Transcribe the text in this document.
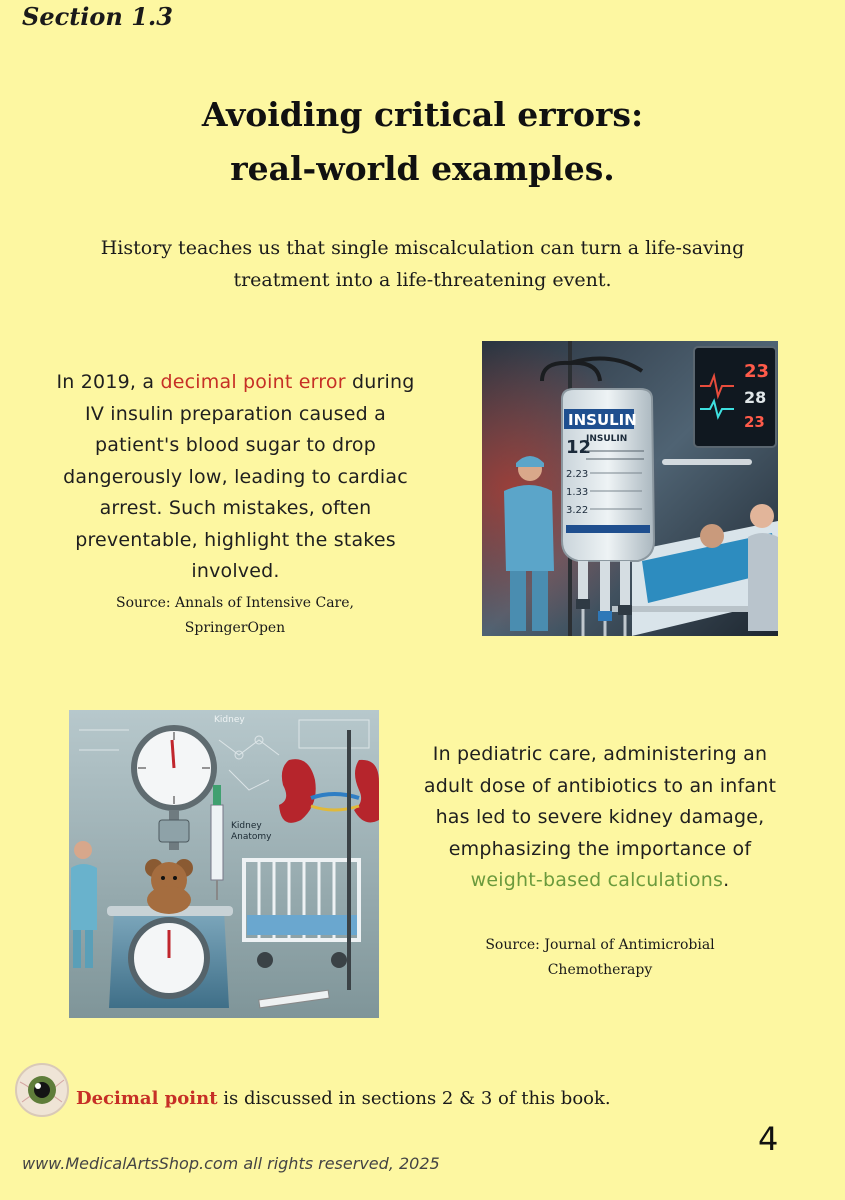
Section 1.3
Avoiding critical errors:
real-world examples.
History teaches us that single miscalculation can turn a life-saving treatment into a life-threatening event.
In 2019, a decimal point error during IV insulin preparation caused a patient's blood sugar to drop dangerously low, leading to cardiac arrest. Such mistakes, often preventable, highlight the stakes involved.
Source: Annals of Intensive Care,
SpringerOpen
23
28
23
INSULIN
12
INSULIN
2.23
1.33
3.22
Kidney
Kidney
Anatomy
In pediatric care, administering an adult dose of antibiotics to an infant has led to severe kidney damage, emphasizing the importance of weight-based calculations.
Source: Journal of Antimicrobial
Chemotherapy
Decimal point is discussed in sections 2 & 3 of this book.
4
www.MedicalArtsShop.com all rights reserved, 2025
